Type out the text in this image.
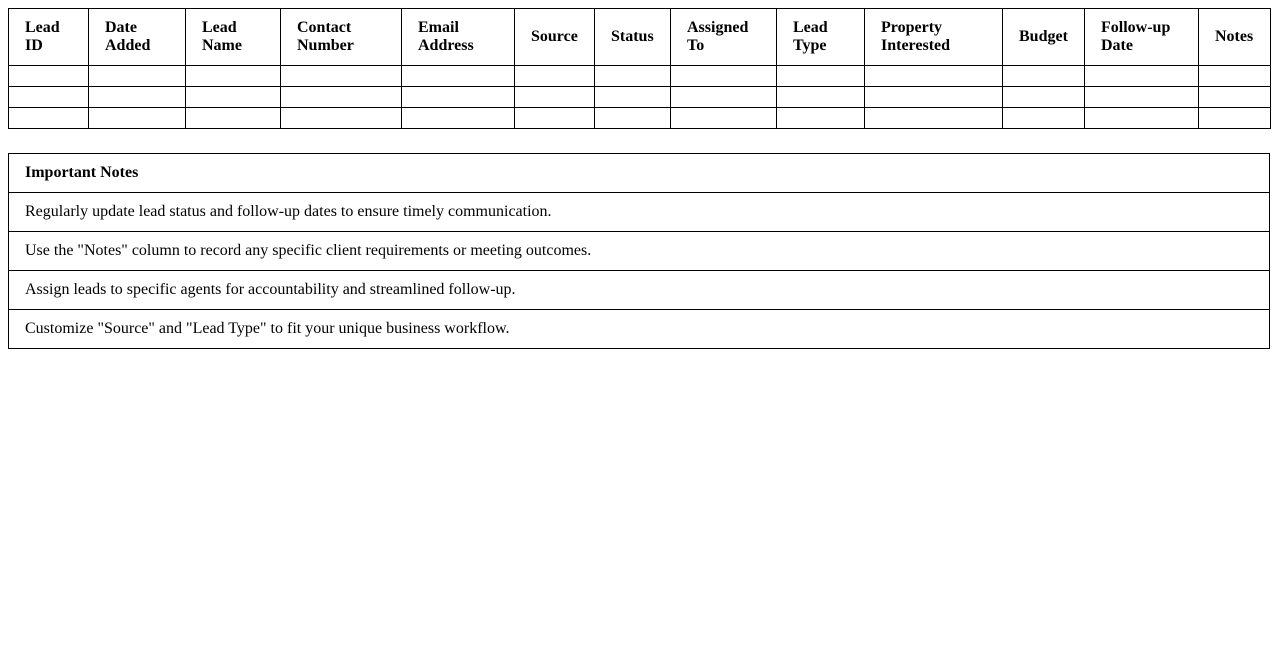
Lead ID	Date Added	Lead Name	Contact Number	Email Address	Source	Status	Assigned To	Lead Type	Property Interested	Budget	Follow-up Date	Notes

Important Notes
Regularly update lead status and follow-up dates to ensure timely communication.
Use the "Notes" column to record any specific client requirements or meeting outcomes.
Assign leads to specific agents for accountability and streamlined follow-up.
Customize "Source" and "Lead Type" to fit your unique business workflow.
